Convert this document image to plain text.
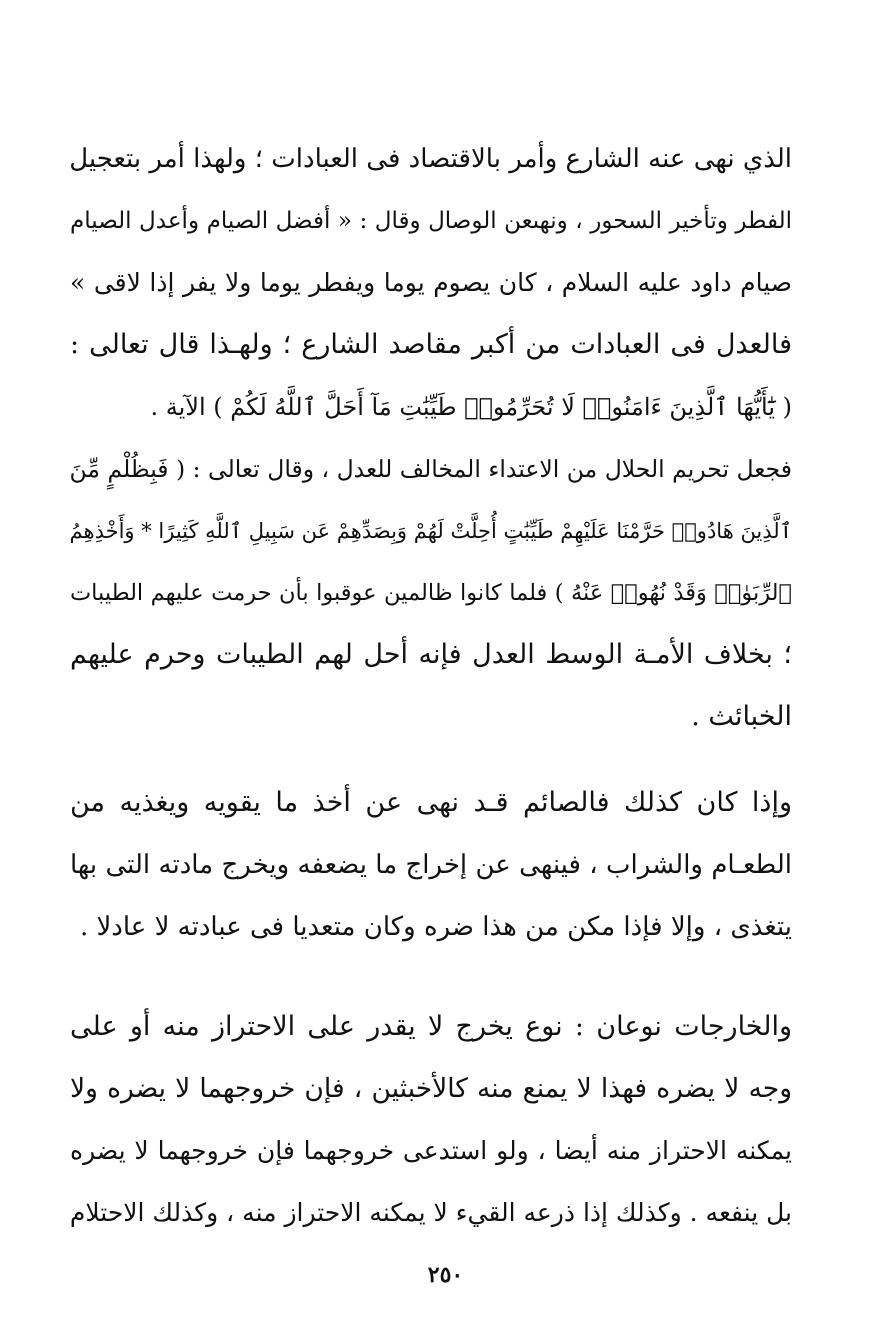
الذي نهى عنه الشارع وأمر بالاقتصاد فى العبادات ؛ ولهذا أمر بتعجيل
الفطر وتأخير السحور ، ونهىعن الوصال وقال : « أفضل الصيام وأعدل الصيام
صيام داود عليه السلام ، كان يصوم يوما ويفطر يوما ولا يفر إذا لاقى »
فالعدل فى العبادات من أكبر مقاصد الشارع ؛ ولهـذا قال تعالى :
( يَٰٓأَيُّهَا ٱلَّذِينَ ءَامَنُوا۟ لَا تُحَرِّمُوا۟ طَيِّبَٰتِ مَآ أَحَلَّ ٱللَّهُ لَكُمْ ) الآية .
فجعل تحريم الحلال من الاعتداء المخالف للعدل ، وقال تعالى : ( فَبِظُلْمٍ مِّنَ
ٱلَّذِينَ هَادُوا۟ حَرَّمْنَا عَلَيْهِمْ طَيِّبَٰتٍ أُحِلَّتْ لَهُمْ وَبِصَدِّهِمْ عَن سَبِيلِ ٱللَّهِ كَثِيرًا * وَأَخْذِهِمُ
ٱلرِّبَوٰا۟ وَقَدْ نُهُوا۟ عَنْهُ ) فلما كانوا ظالمين عوقبوا بأن حرمت عليهم الطيبات
؛ بخلاف الأمـة الوسط العدل فإنه أحل لهم الطيبات وحرم عليهم
الخبائث .
وإذا كان كذلك فالصائم قـد نهى عن أخذ ما يقويه ويغذيه من
الطعـام والشراب ، فينهى عن إخراج ما يضعفه ويخرج مادته التى بها
يتغذى ، وإلا فإذا مكن من هذا ضره وكان متعديا فى عبادته لا عادلا .
والخارجات نوعان : نوع يخرج لا يقدر على الاحتراز منه أو على
وجه لا يضره فهذا لا يمنع منه كالأخبثين ، فإن خروجهما لا يضره ولا
يمكنه الاحتراز منه أيضا ، ولو استدعى خروجهما فإن خروجهما لا يضره
بل ينفعه . وكذلك إذا ذرعه القيء لا يمكنه الاحتراز منه ، وكذلك الاحتلام
٢٥٠
